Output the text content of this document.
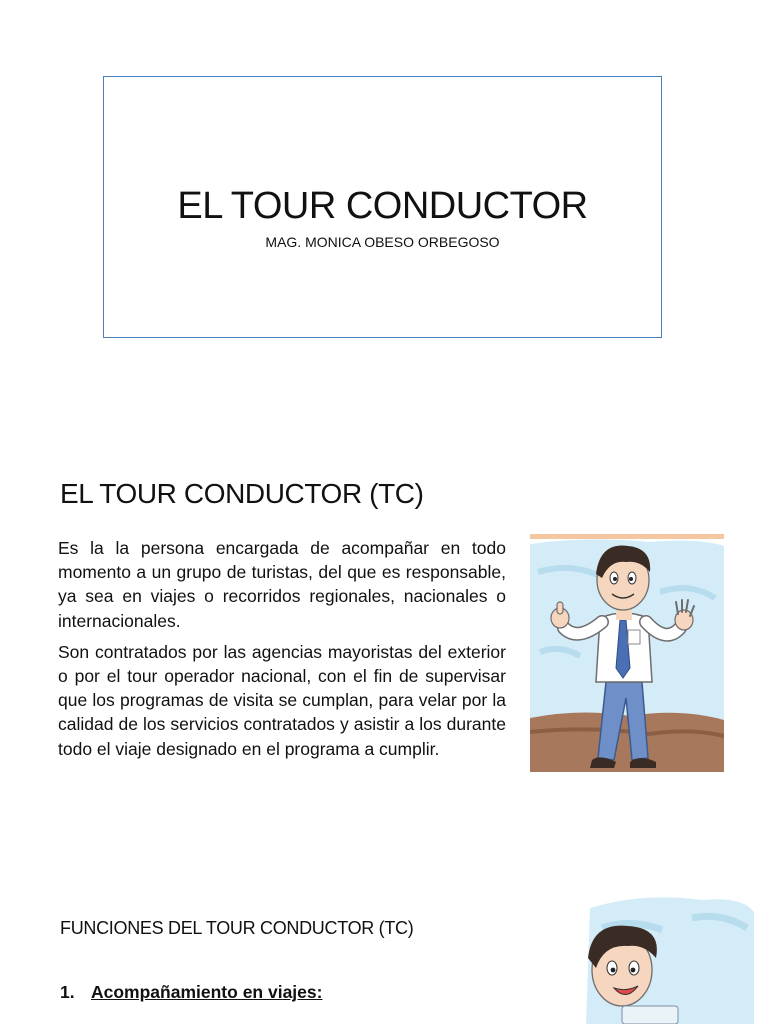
EL TOUR CONDUCTOR
MAG. MONICA OBESO ORBEGOSO
EL TOUR CONDUCTOR (TC)

Es la la persona encargada de acompañar en todo momento a un grupo de turistas, del que es responsable, ya sea en viajes o recorridos regionales, nacionales o internacionales.

Son contratados por las agencias mayoristas del exterior o por el tour operador nacional, con el fin de supervisar que los programas de visita se cumplan, para velar por la calidad de los servicios contratados y asistir a los durante todo el viaje designado en el programa a cumplir.

FUNCIONES DEL TOUR CONDUCTOR (TC)
1. Acompañamiento en viajes:
